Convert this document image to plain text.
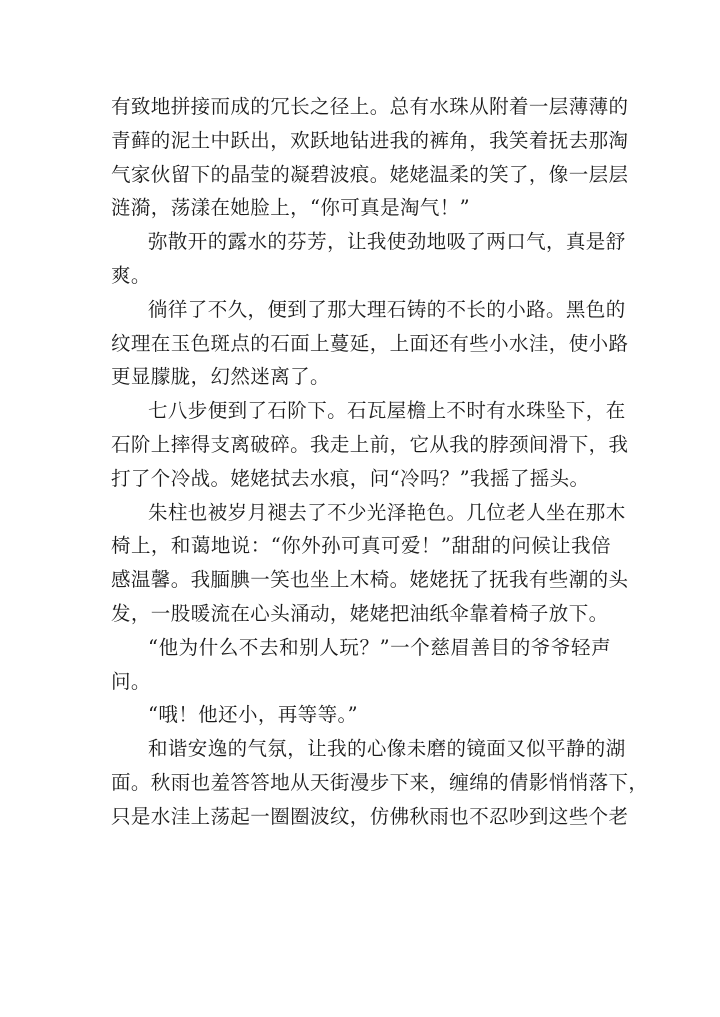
有致地拼接而成的冗长之径上。总有水珠从附着一层薄薄的
青藓的泥土中跃出，欢跃地钻进我的裤角，我笑着抚去那淘
气家伙留下的晶莹的凝碧波痕。姥姥温柔的笑了，像一层层
涟漪，荡漾在她脸上，“你可真是淘气！”
弥散开的露水的芬芳，让我使劲地吸了两口气，真是舒
爽。
徜徉了不久，便到了那大理石铸的不长的小路。黑色的
纹理在玉色斑点的石面上蔓延，上面还有些小水洼，使小路
更显朦胧，幻然迷离了。
七八步便到了石阶下。石瓦屋檐上不时有水珠坠下，在
石阶上摔得支离破碎。我走上前，它从我的脖颈间滑下，我
打了个冷战。姥姥拭去水痕，问“冷吗？”我摇了摇头。
朱柱也被岁月褪去了不少光泽艳色。几位老人坐在那木
椅上，和蔼地说：“你外孙可真可爱！”甜甜的问候让我倍
感温馨。我腼腆一笑也坐上木椅。姥姥抚了抚我有些潮的头
发，一股暖流在心头涌动，姥姥把油纸伞靠着椅子放下。
“他为什么不去和别人玩？”一个慈眉善目的爷爷轻声
问。
“哦！他还小，再等等。”
和谐安逸的气氛，让我的心像未磨的镜面又似平静的湖
面。秋雨也羞答答地从天街漫步下来，缠绵的倩影悄悄落下，
只是水洼上荡起一圈圈波纹，仿佛秋雨也不忍吵到这些个老
